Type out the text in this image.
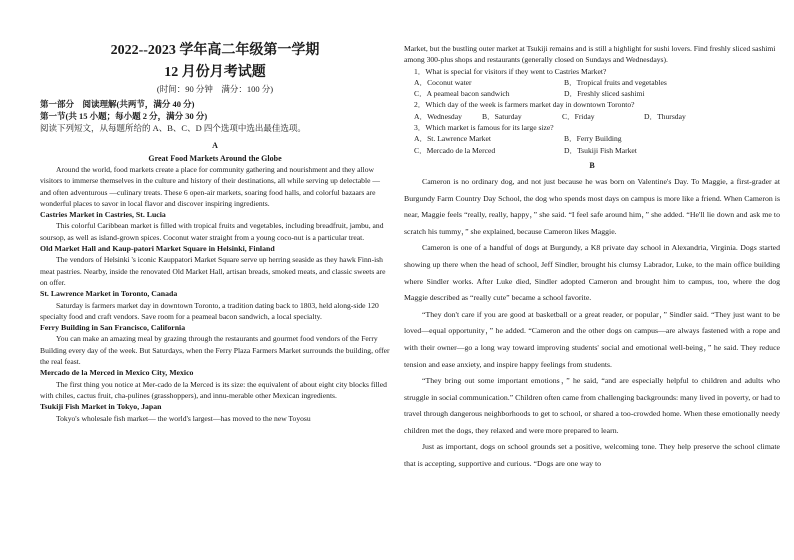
2022--2023 学年高二年级第一学期

12 月份月考试题

(时间：90 分钟　满分：100 分)

第一部分　阅读理解(共两节，满分 40 分)

第一节(共 15 小题；每小题 2 分，满分 30 分)

阅读下列短文，从每题所给的 A、B、C、D 四个选项中选出最佳选项。

A

Great Food Markets Around the Globe

Around the world, food markets create a place for community gathering and nourishment and they allow visitors to immerse themselves in the culture and history of their destinations, all while serving up delectable —and often adventurous —culinary treats. These 6 open-air markets, soaring food halls, and colorful bazaars are wonderful places to savor in local flavor and discover inspiring ingredients.

Castries Market in Castries, St. Lucia

This colorful Caribbean market is filled with tropical fruits and vegetables, including breadfruit, jambu, and soursop, as well as island-grown spices. Coconut water straight from a young coco-nut is a particular treat.

Old Market Hall and Kaup-patori Market Square in Helsinki, Finland

The vendors of Helsinki 's iconic Kauppatori Market Square serve up herring seaside as they hawk Finn-ish meat pastries. Nearby, inside the renovated Old Market Hall, artisan breads, smoked meats, and classic sweets are on offer.

St. Lawrence Market in Toronto, Canada

Saturday is farmers market day in downtown Toronto, a tradition dating back to 1803, held along-side 120 specialty food and craft vendors. Save room for a peameal bacon sandwich, a local specialty.

Ferry Building in San Francisco, California

You can make an amazing meal by grazing through the restaurants and gourmet food vendors of the Ferry Building every day of the week. But Saturdays, when the Ferry Plaza Farmers Market surrounds the building, offer the real feast.

Mercado de la Merced in Mexico City, Mexico

The first thing you notice at Mer-cado de la Merced is its size: the equivalent of about eight city blocks filled with chiles, cactus fruit, cha-pulines (grasshoppers), and innu-merable other Mexican ingredients.

Tsukiji Fish Market in Tokyo, Japan

Tokyo's wholesale fish market— the world's largest—has moved to the new Toyosu

Market, but the bustling outer market at Tsukiji remains and is still a highlight for sushi lovers. Find freshly sliced sashimi among 300-plus shops and restaurants (generally closed on Sundays and Wednesdays).

1．What is special for visitors if they went to Castries Market?

A．Coconut water	B．Tropical fruits and vegetables
C．A peameal bacon sandwich	D．Freshly sliced sashimi

2．Which day of the week is farmers market day in downtown Toronto?

A．Wednesday	B．Saturday	C．Friday	D．Thursday

3．Which market is famous for its large size?

A．St. Lawrence Market	B．Ferry Building
C．Mercado de la Merced	D．Tsukiji Fish Market

B

Cameron is no ordinary dog, and not just because he was born on Valentine's Day. To Maggie, a first-grader at Burgundy Farm Country Day School, the dog who spends most days on campus is more like a friend. When Cameron is near, Maggie feels “really, really, happy，” she said. “I feel safe around him，” she added. “He'll lie down and ask me to scratch his tummy，” she explained, because Cameron likes Maggie.

Cameron is one of a handful of dogs at Burgundy, a K8 private day school in Alexandria, Virginia. Dogs started showing up there when the head of school, Jeff Sindler, brought his clumsy Labrador, Luke, to the main office building where Sindler works. After Luke died, Sindler adopted Cameron and brought him to campus, too, where the dog Maggie described as “really cute” became a school favorite.

“They don't care if you are good at basketball or a great reader, or popular，” Sindler said. “They just want to be loved—equal opportunity，” he added. “Cameron and the other dogs on campus—are always fastened with a rope and with their owner—go a long way toward improving students' social and emotional well-being，” he said. They reduce tension and ease anxiety, and inspire happy feelings from students.

“They bring out some important emotions，” he said, “and are especially helpful to children and adults who struggle in social communication.” Children often came from challenging backgrounds: many lived in poverty, or had to travel through dangerous neighborhoods to get to school, or shared a too-crowded home. When these emotionally needy children met the dogs, they relaxed and were more prepared to learn.

Just as important, dogs on school grounds set a positive, welcoming tone. They help preserve the school climate that is accepting, supportive and curious. “Dogs are one way to
